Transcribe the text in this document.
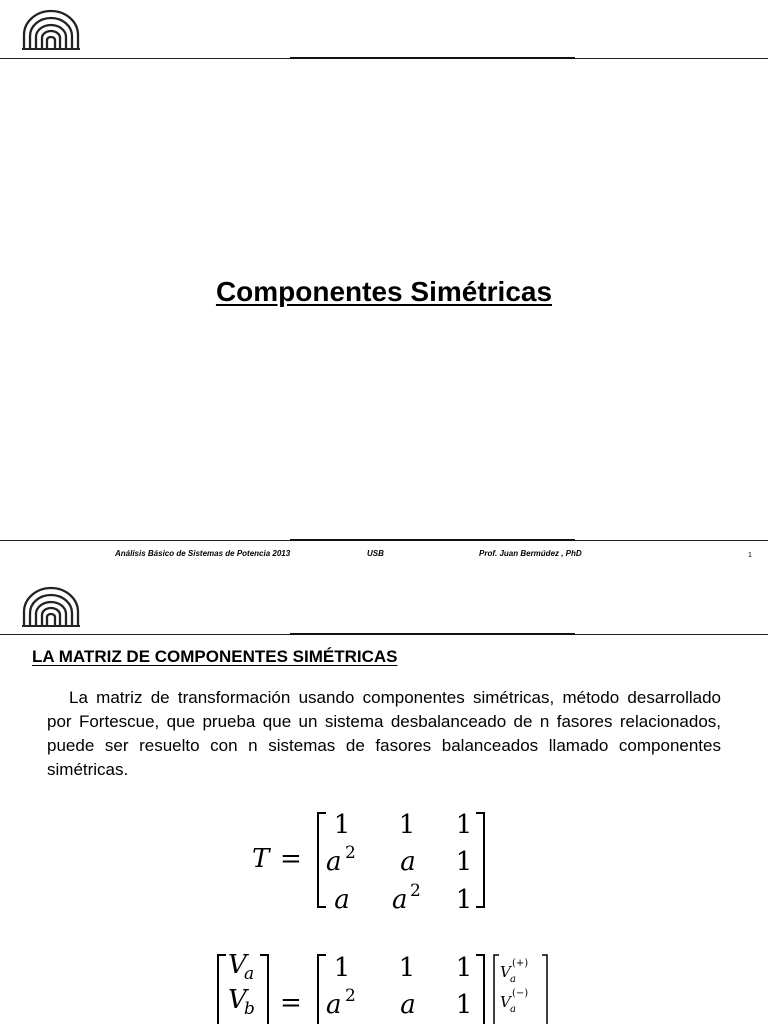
Componentes Simétricas
Análisis Básico de Sistemas de Potencia 2013	USB	Prof. Juan Bermúdez , PhD	1
LA MATRIZ DE COMPONENTES SIMÉTRICAS

La matriz de transformación usando componentes simétricas, método desarrollado por Fortescue, que prueba que un sistema desbalanceado de n fasores relacionados, puede ser resuelto con n sistemas de fasores balanceados llamado componentes simétricas.

T =
1 1 1
a 2 a 1
a a 2 1
V
a
V
b =
1 1 1
a 2 a 1
V a
(+)
V a
(−)
